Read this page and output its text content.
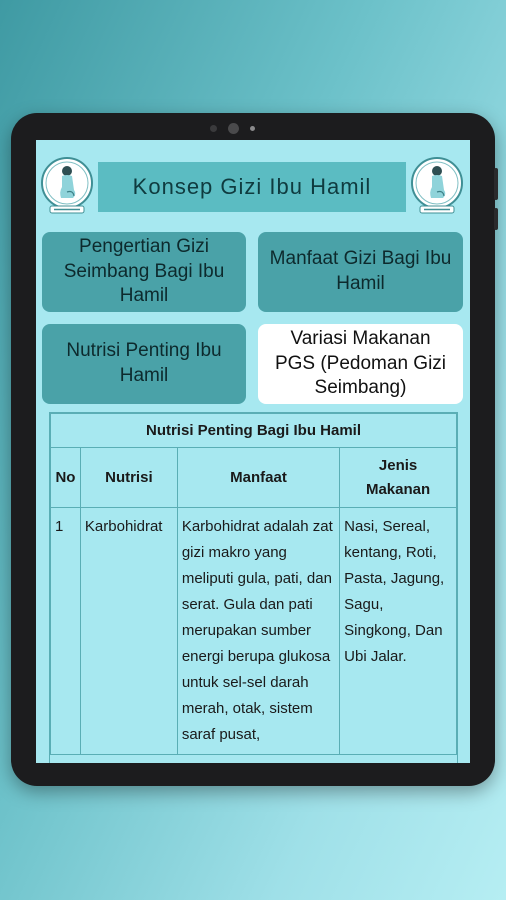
Konsep Gizi Ibu Hamil
Pengertian Gizi Seimbang Bagi Ibu Hamil
Manfaat Gizi Bagi Ibu Hamil
Nutrisi Penting Ibu Hamil
Variasi Makanan PGS (Pedoman Gizi Seimbang)
Nutrisi Penting Bagi Ibu Hamil			
No	Nutrisi	Manfaat	Jenis Makanan
1	Karbohidrat	Karbohidrat adalah zat gizi makro yang meliputi gula, pati, dan serat. Gula dan pati merupakan sumber energi berupa glukosa untuk sel-sel darah merah, otak, sistem saraf pusat,	Nasi, Sereal, kentang, Roti, Pasta, Jagung, Sagu, Singkong, Dan Ubi Jalar.
